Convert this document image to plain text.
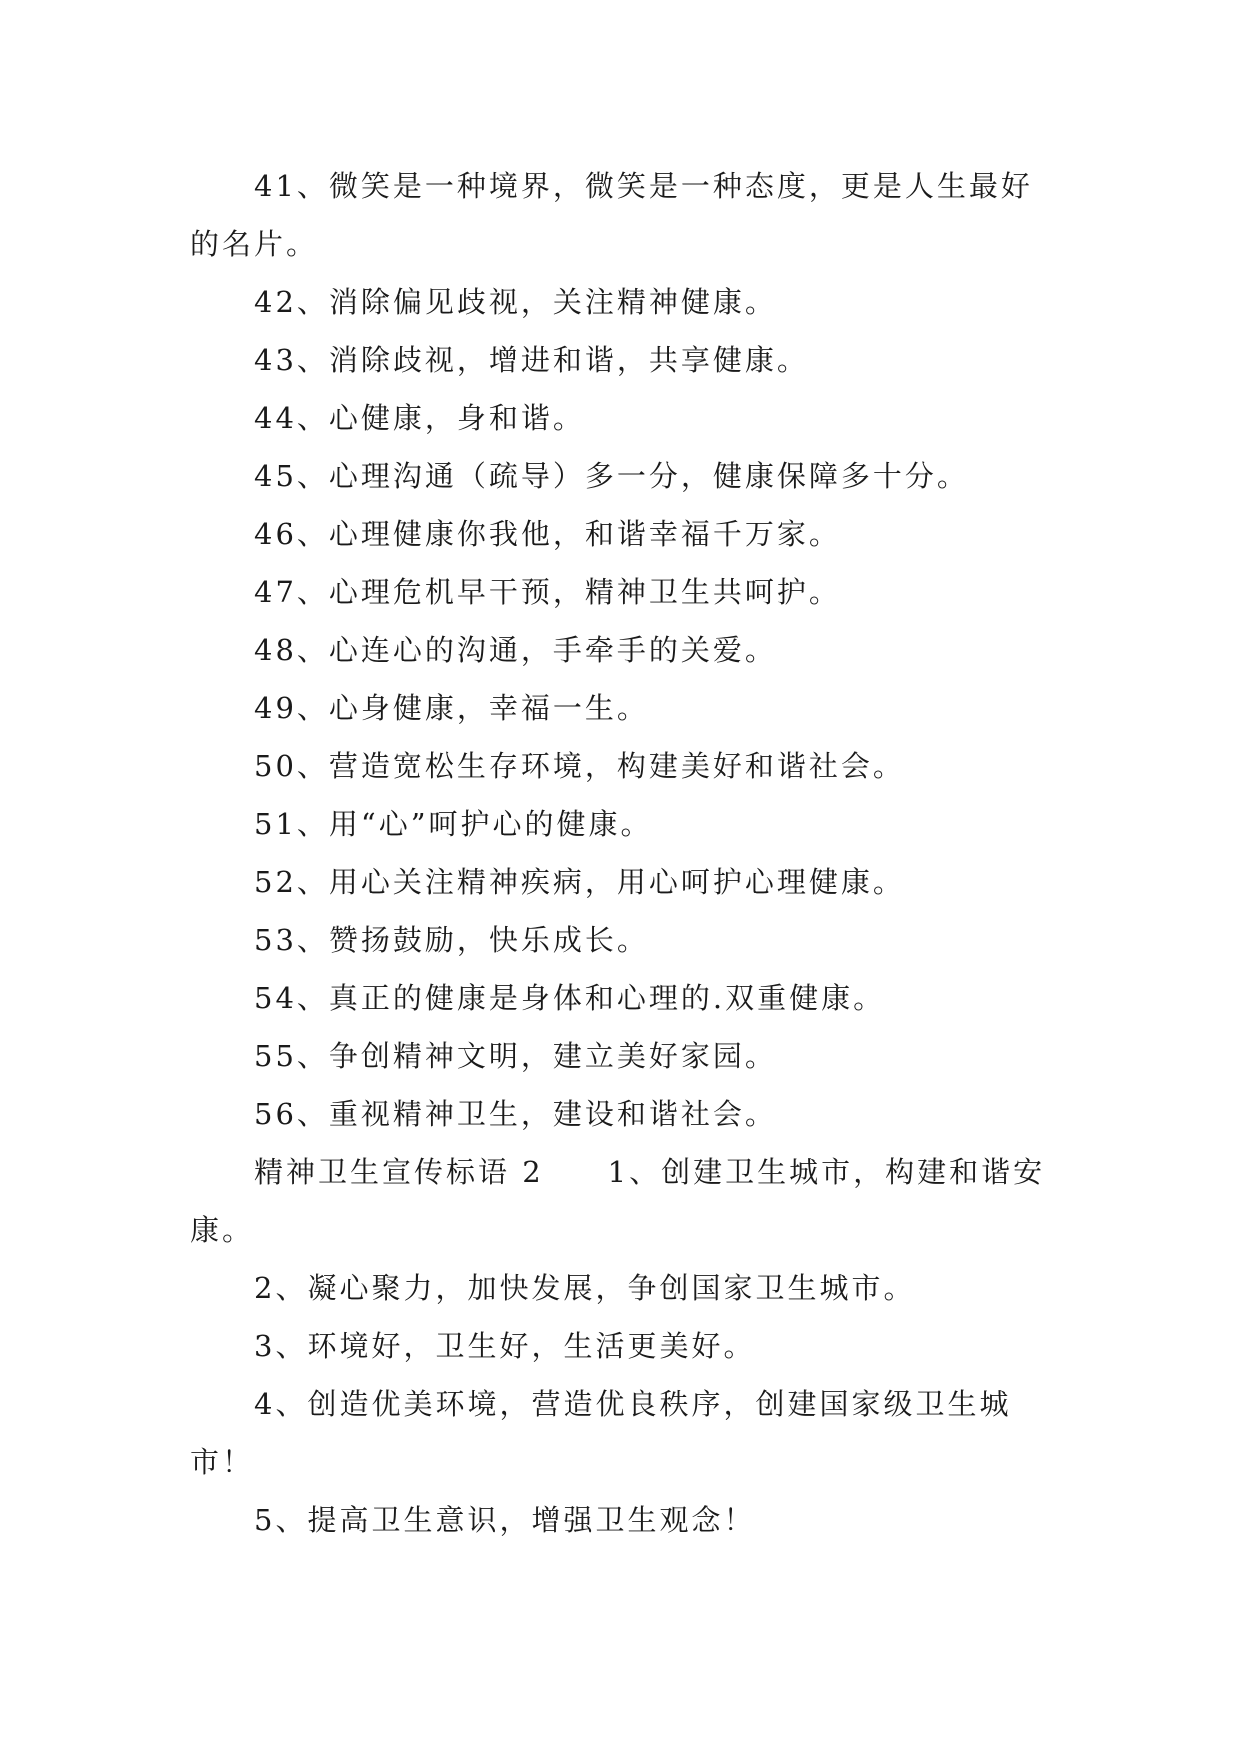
41、微笑是一种境界，微笑是一种态度，更是人生最好的名片。

42、消除偏见歧视，关注精神健康。

43、消除歧视，增进和谐，共享健康。

44、心健康，身和谐。

45、心理沟通（疏导）多一分，健康保障多十分。

46、心理健康你我他，和谐幸福千万家。

47、心理危机早干预，精神卫生共呵护。

48、心连心的沟通，手牵手的关爱。

49、心身健康，幸福一生。

50、营造宽松生存环境，构建美好和谐社会。

51、用“心”呵护心的健康。

52、用心关注精神疾病，用心呵护心理健康。

53、赞扬鼓励，快乐成长。

54、真正的健康是身体和心理的.双重健康。

55、争创精神文明，建立美好家园。

56、重视精神卫生，建设和谐社会。

精神卫生宣传标语 2　　1、创建卫生城市，构建和谐安康。

2、凝心聚力，加快发展，争创国家卫生城市。

3、环境好，卫生好，生活更美好。

4、创造优美环境，营造优良秩序，创建国家级卫生城市！

5、提高卫生意识，增强卫生观念！
